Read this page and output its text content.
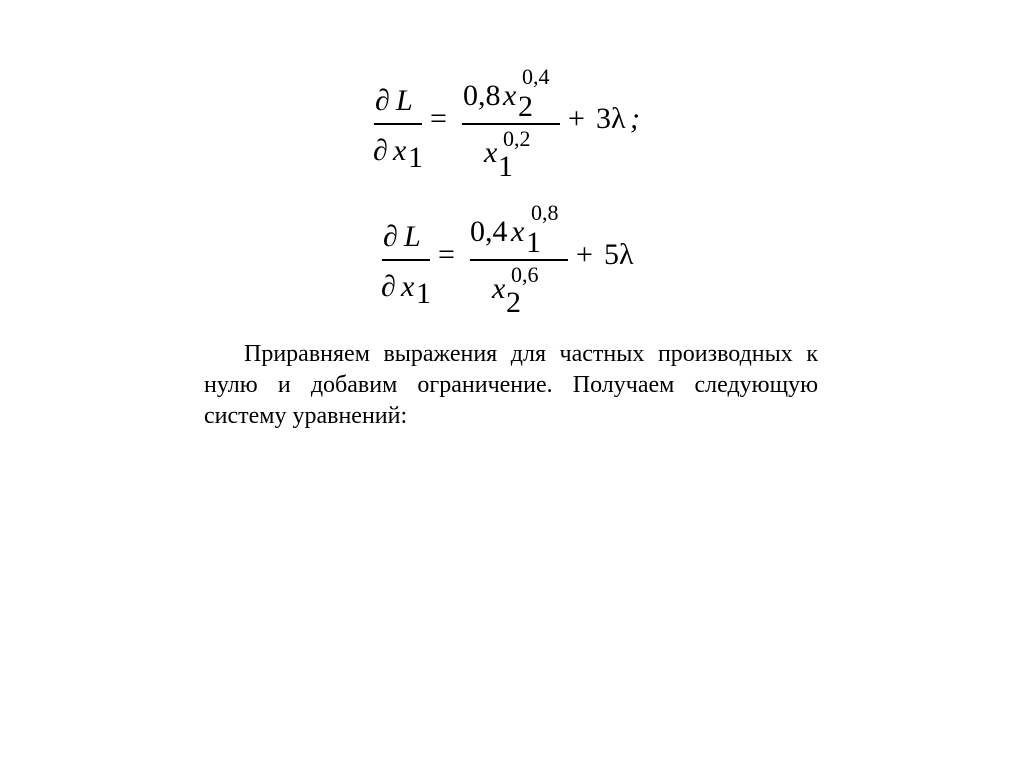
∂ L
∂ x 1
=
0,8 x
0,4
2
x 0,2
1
+ 3λ ;
∂ L
∂ x 1
=
0,4 x
0,8
1
x 0,6
2
+ 5λ

Приравняем выражения для частных производных к нулю и добавим ограничение. Получаем следующую систему уравнений:
